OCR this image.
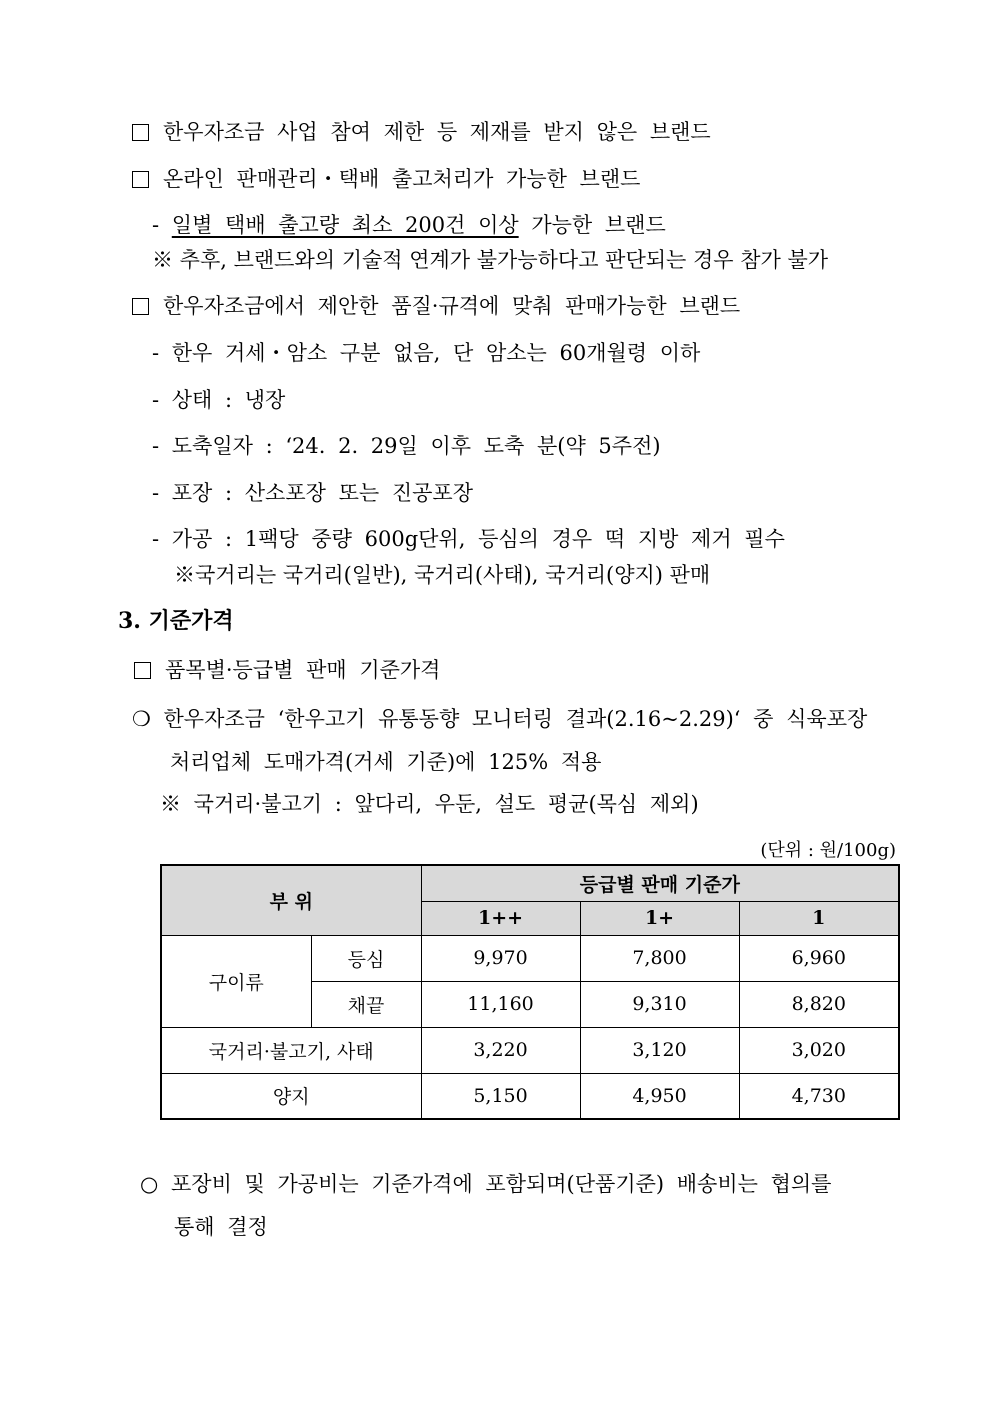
한우자조금 사업 참여 제한 등 제재를 받지 않은 브랜드
온라인 판매관리・택배 출고처리가 가능한 브랜드
- 일별 택배 출고량 최소 200건 이상 가능한 브랜드
※ 추후, 브랜드와의 기술적 연계가 불가능하다고 판단되는 경우 참가 불가
한우자조금에서 제안한 품질·규격에 맞춰 판매가능한 브랜드
- 한우 거세・암소 구분 없음, 단 암소는 60개월령 이하
- 상태 : 냉장
- 도축일자 : ‘24. 2. 29일 이후 도축 분(약 5주전)
- 포장 : 산소포장 또는 진공포장
- 가공 : 1팩당 중량 600g단위, 등심의 경우 떡 지방 제거 필수
※국거리는 국거리(일반), 국거리(사태), 국거리(양지) 판매
3. 기준가격
품목별·등급별 판매 기준가격
❍ 한우자조금 ‘한우고기 유통동향 모니터링 결과(2.16~2.29)‘ 중 식육포장
처리업체 도매가격(거세 기준)에 125% 적용
※ 국거리·불고기 : 앞다리, 우둔, 설도 평균(목심 제외)
(단위 : 원/100g)
부 위		등급별 판매 기준가		
		1++	1+	1
구이류	등심	9,970	7,800	6,960
	채끝	11,160	9,310	8,820
국거리·불고기, 사태		3,220	3,120	3,020
양지		5,150	4,950	4,730
○ 포장비 및 가공비는 기준가격에 포함되며(단품기준) 배송비는 협의를
통해 결정
